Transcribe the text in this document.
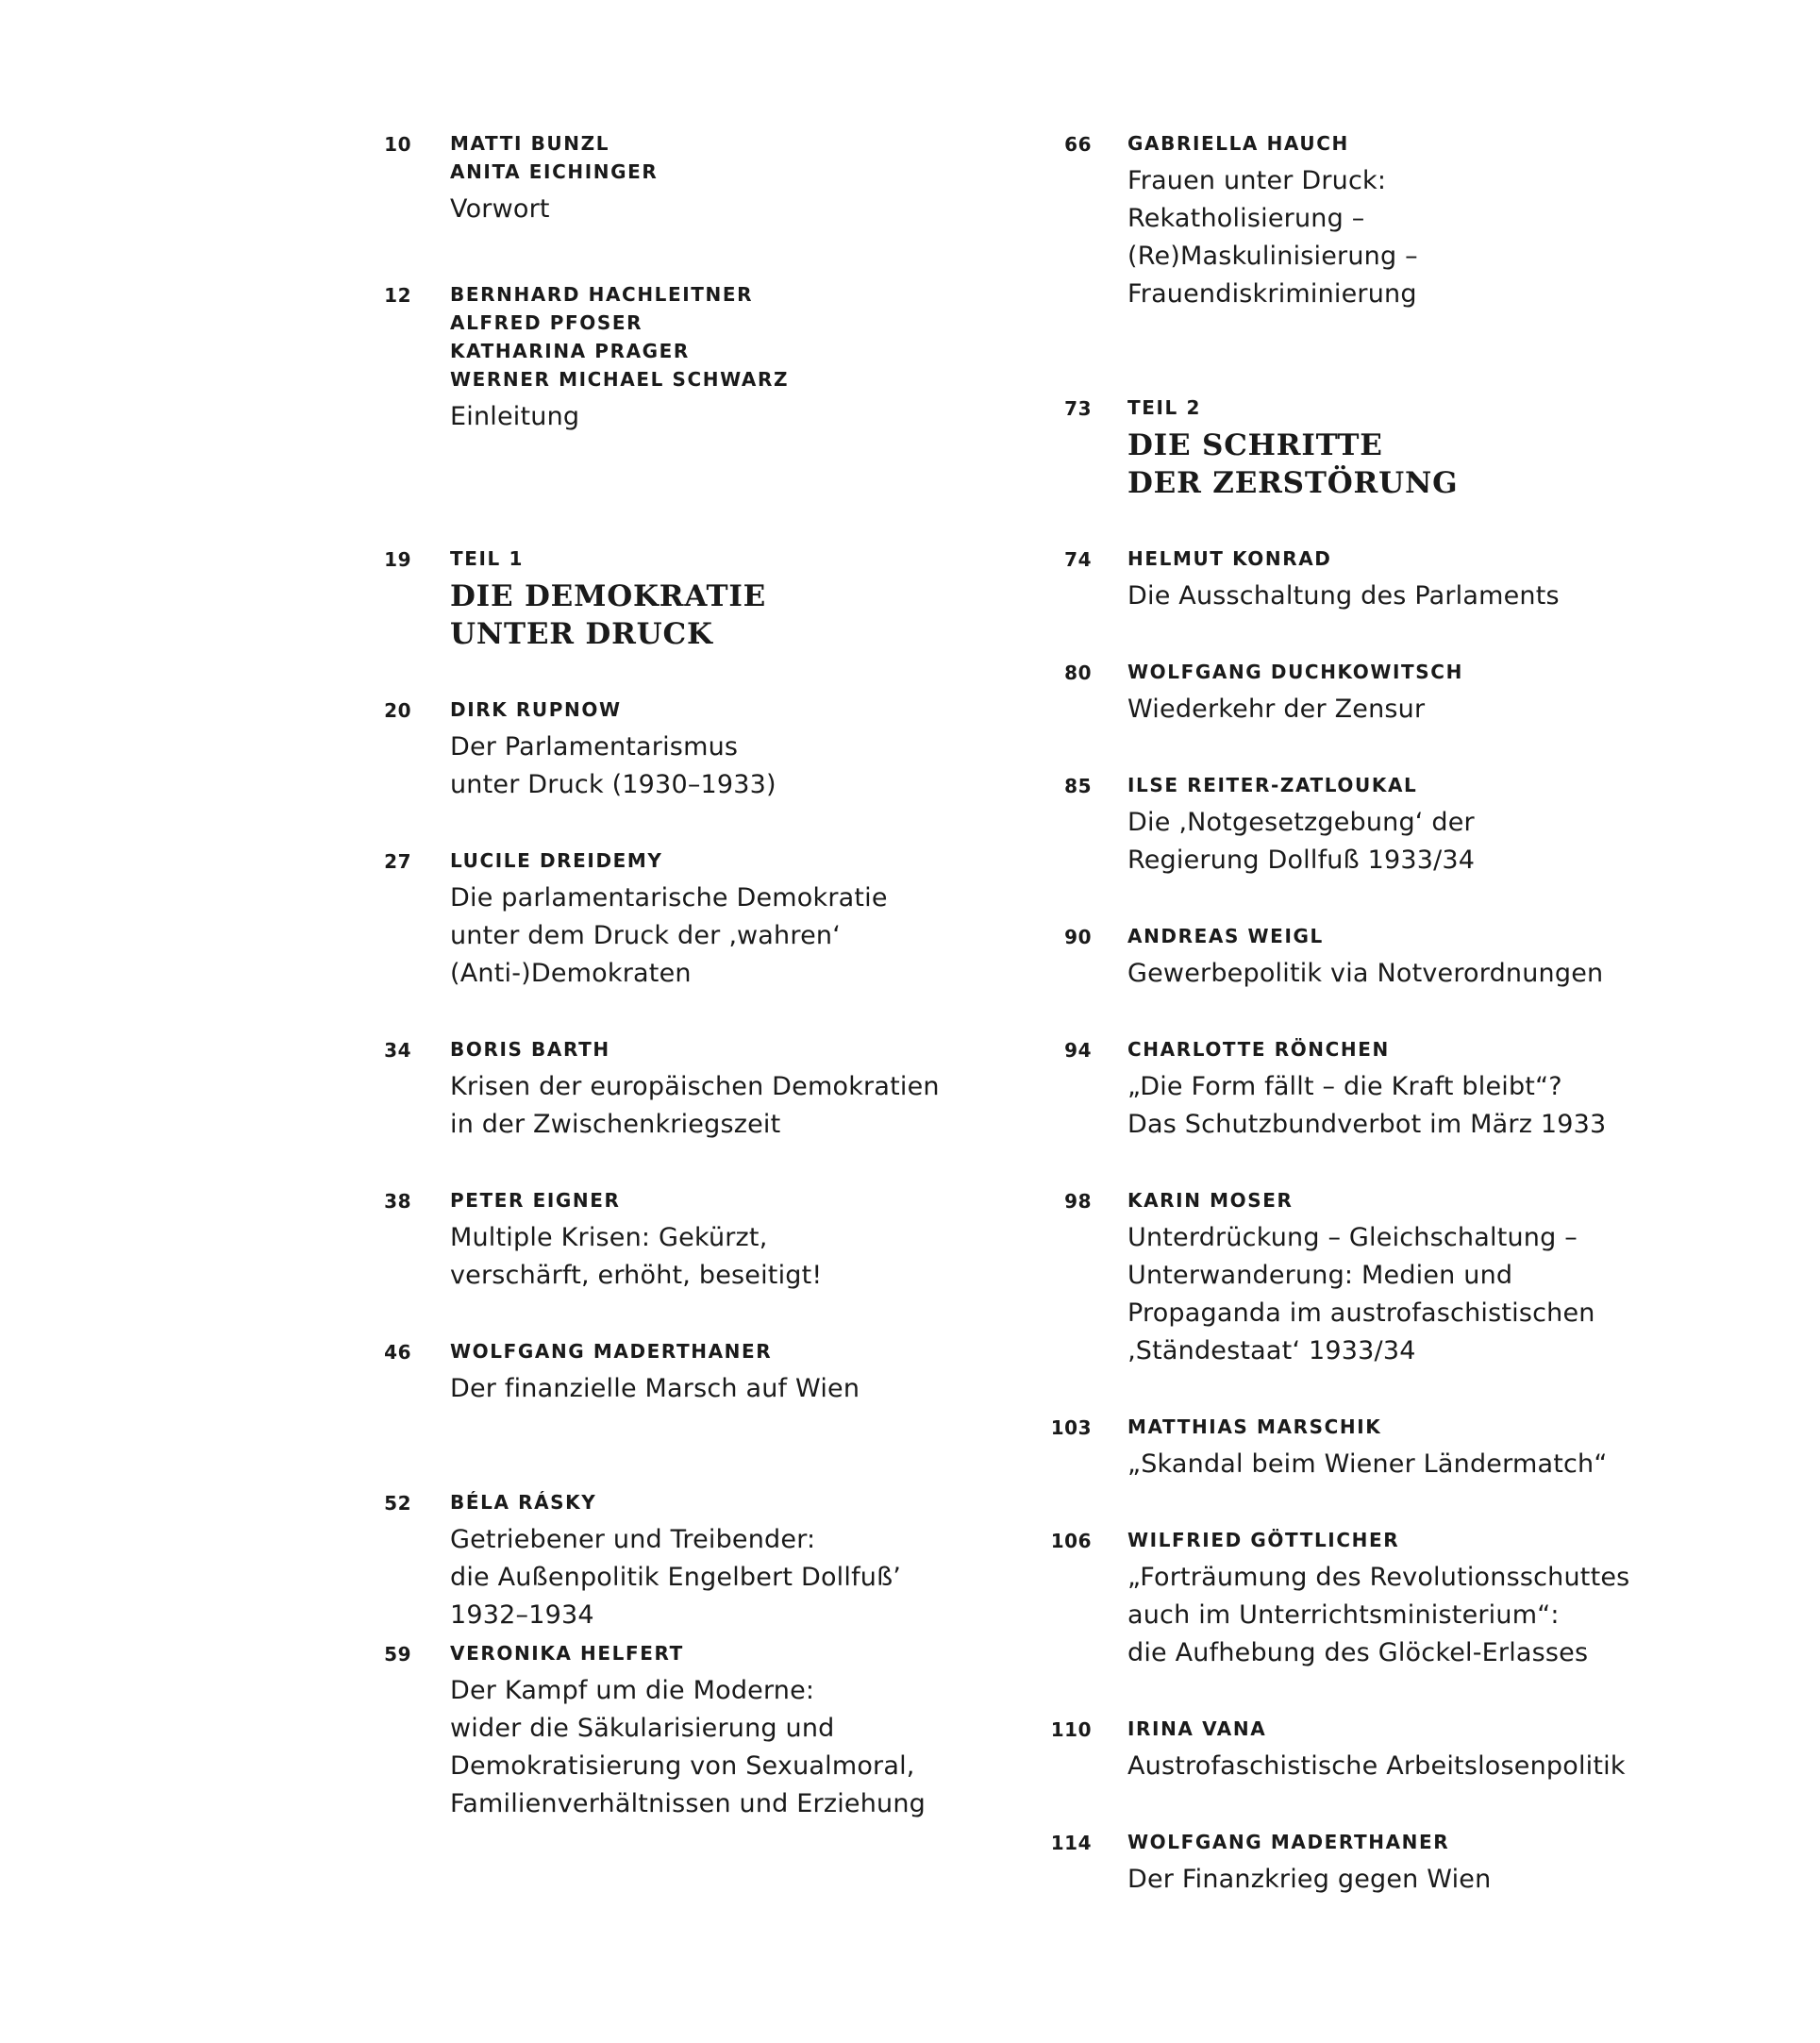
10 MATTI BUNZL
ANITA EICHINGER
Vorwort
12 BERNHARD HACHLEITNER
ALFRED PFOSER
KATHARINA PRAGER
WERNER MICHAEL SCHWARZ
Einleitung
19 TEIL 1
DIE DEMOKRATIE
UNTER DRUCK
20 DIRK RUPNOW
Der Parlamentarismus
unter Druck (1930–1933)
27 LUCILE DREIDEMY
Die parlamentarische Demokratie
unter dem Druck der ‚wahren‘
(Anti-)Demokraten
34 BORIS BARTH
Krisen der europäischen Demokratien
in der Zwischenkriegszeit
38 PETER EIGNER
Multiple Krisen: Gekürzt,
verschärft, erhöht, beseitigt!
46 WOLFGANG MADERTHANER
Der finanzielle Marsch auf Wien
52 BÉLA RÁSKY
Getriebener und Treibender:
die Außenpolitik Engelbert Dollfuß’
1932–1934
59 VERONIKA HELFERT
Der Kampf um die Moderne:
wider die Säkularisierung und
Demokratisierung von Sexualmoral,
Familienverhältnissen und Erziehung
66 GABRIELLA HAUCH
Frauen unter Druck:
Rekatholisierung –
(Re)Maskulinisierung –
Frauendiskriminierung
73 TEIL 2
DIE SCHRITTE
DER ZERSTÖRUNG
74 HELMUT KONRAD
Die Ausschaltung des Parlaments
80 WOLFGANG DUCHKOWITSCH
Wiederkehr der Zensur
85 ILSE REITER-ZATLOUKAL
Die ‚Notgesetzgebung‘ der
Regierung Dollfuß 1933/34
90 ANDREAS WEIGL
Gewerbepolitik via Notverordnungen
94 CHARLOTTE RÖNCHEN
„Die Form fällt – die Kraft bleibt“?
Das Schutzbundverbot im März 1933
98 KARIN MOSER
Unterdrückung – Gleichschaltung –
Unterwanderung: Medien und
Propaganda im austrofaschistischen
‚Ständestaat‘ 1933/34
103 MATTHIAS MARSCHIK
„Skandal beim Wiener Ländermatch“
106 WILFRIED GÖTTLICHER
„Forträumung des Revolutionsschuttes
auch im Unterrichtsministerium“:
die Aufhebung des Glöckel-Erlasses
110 IRINA VANA
Austrofaschistische Arbeitslosenpolitik
114 WOLFGANG MADERTHANER
Der Finanzkrieg gegen Wien
